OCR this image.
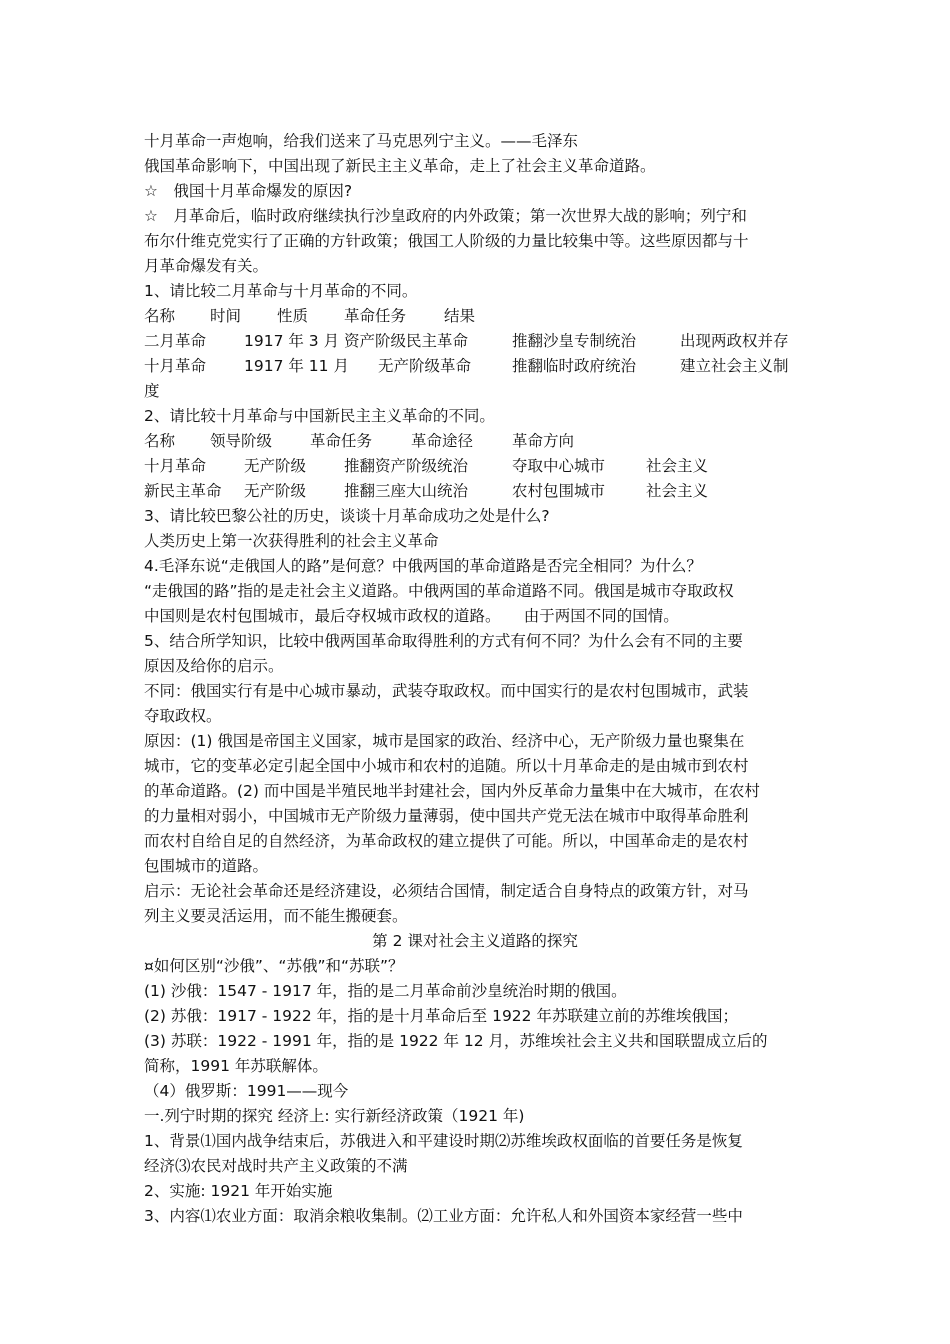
十月革命一声炮响，给我们送来了马克思列宁主义。——毛泽东
俄国革命影响下，中国出现了新民主主义革命，走上了社会主义革命道路。
☆　俄国十月革命爆发的原因?
☆　月革命后，临时政府继续执行沙皇政府的内外政策；第一次世界大战的影响；列宁和
布尔什维克党实行了正确的方针政策；俄国工人阶级的力量比较集中等。这些原因都与十
月革命爆发有关。
1、请比较二月革命与十月革命的不同。
名称 时间 性质 革命任务 结果
二月革命 1917 年 3 月 资产阶级民主革命	推翻沙皇专制统治	出现两政权并存
十月革命 1917 年 11 月 无产阶级革命	推翻临时政府统治	建立社会主义制
度
2、请比较十月革命与中国新民主主义革命的不同。
名称 领导阶级 革命任务	革命途径	革命方向
十月革命 无产阶级 推翻资产阶级统治	夺取中心城市	社会主义
新民主革命 无产阶级 推翻三座大山统治	农村包围城市	社会主义
3、请比较巴黎公社的历史，谈谈十月革命成功之处是什么?
人类历史上第一次获得胜利的社会主义革命
4.毛泽东说“走俄国人的路”是何意？中俄两国的革命道路是否完全相同？为什么？
“走俄国的路”指的是走社会主义道路。中俄两国的革命道路不同。俄国是城市夺取政权
中国则是农村包围城市，最后夺权城市政权的道路。　　由于两国不同的国情。
5、结合所学知识，比较中俄两国革命取得胜利的方式有何不同？为什么会有不同的主要
原因及给你的启示。
不同：俄国实行有是中心城市暴动，武装夺取政权。而中国实行的是农村包围城市，武装
夺取政权。
原因：(1) 俄国是帝国主义国家，城市是国家的政治、经济中心，无产阶级力量也聚集在
城市，它的变革必定引起全国中小城市和农村的追随。所以十月革命走的是由城市到农村
的革命道路。(2) 而中国是半殖民地半封建社会，国内外反革命力量集中在大城市，在农村
的力量相对弱小，中国城市无产阶级力量薄弱，使中国共产党无法在城市中取得革命胜利
而农村自给自足的自然经济，为革命政权的建立提供了可能。所以，中国革命走的是农村
包围城市的道路。
启示：无论社会革命还是经济建设，必须结合国情，制定适合自身特点的政策方针，对马
列主义要灵活运用，而不能生搬硬套。
第 2 课对社会主义道路的探究
¤如何区别“沙俄”、“苏俄”和“苏联”？
(1) 沙俄：1547 - 1917 年，指的是二月革命前沙皇统治时期的俄国。
(2) 苏俄：1917 - 1922 年，指的是十月革命后至 1922 年苏联建立前的苏维埃俄国；
(3) 苏联：1922 - 1991 年，指的是 1922 年 12 月，苏维埃社会主义共和国联盟成立后的
简称，1991 年苏联解体。
（4）俄罗斯：1991——现今
一.列宁时期的探究 经济上: 实行新经济政策（1921 年)
1、背景⑴国内战争结束后，苏俄进入和平建设时期⑵苏维埃政权面临的首要任务是恢复
经济⑶农民对战时共产主义政策的不满
2、实施: 1921 年开始实施
3、内容⑴农业方面：取消余粮收集制。⑵工业方面：允许私人和外国资本家经营一些中
